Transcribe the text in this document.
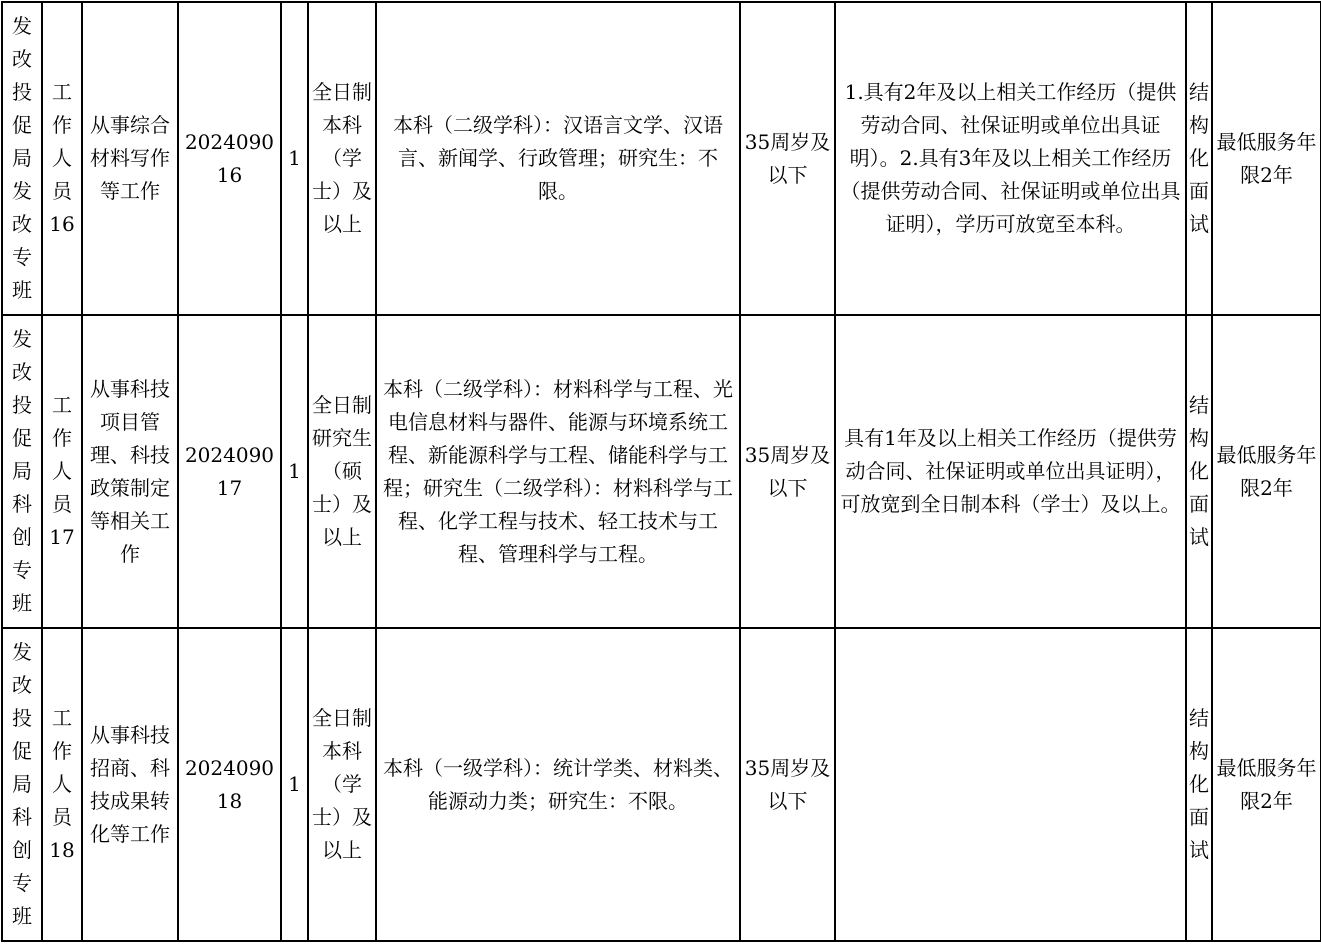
发改投促局发改专班	工作人员16	从事综合材料写作等工作	202409016	1	全日制本科（学士）及以上	本科（二级学科）：汉语言文学、汉语言、新闻学、行政管理；研究生：不限。	35周岁及以下	1.具有2年及以上相关工作经历（提供劳动合同、社保证明或单位出具证明）。2.具有3年及以上相关工作经历（提供劳动合同、社保证明或单位出具证明），学历可放宽至本科。	结构化面试	最低服务年限2年
发改投促局科创专班	工作人员17	从事科技项目管理、科技政策制定等相关工作	202409017	1	全日制研究生（硕士）及以上	本科（二级学科）：材料科学与工程、光电信息材料与器件、能源与环境系统工程、新能源科学与工程、储能科学与工程；研究生（二级学科）：材料科学与工程、化学工程与技术、轻工技术与工程、管理科学与工程。	35周岁及以下	具有1年及以上相关工作经历（提供劳动合同、社保证明或单位出具证明），可放宽到全日制本科（学士）及以上。	结构化面试	最低服务年限2年
发改投促局科创专班	工作人员18	从事科技招商、科技成果转化等工作	202409018	1	全日制本科（学士）及以上	本科（一级学科）：统计学类、材料类、能源动力类；研究生：不限。	35周岁及以下		结构化面试	最低服务年限2年
